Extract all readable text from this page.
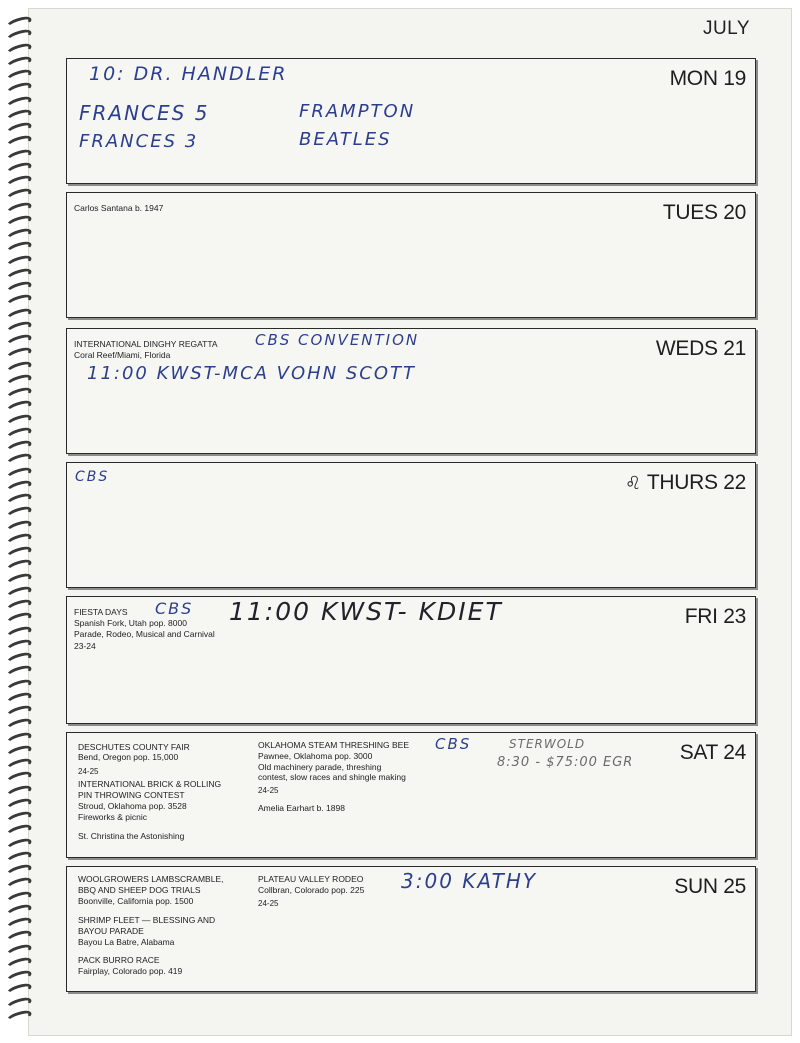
JULY
MON 19
10: DR. HANDLER
FRANCES 5	FRAMPTON
FRANCES 3	BEATLES
TUES 20
Carlos Santana b. 1947
WEDS 21
INTERNATIONAL DINGHY REGATTA
Coral Reef/Miami, Florida
CBS CONVENTION
11:00 KWST-MCA VOHN SCOTT
♌ THURS 22
CBS
FRI 23
FIESTA DAYS
Spanish Fork, Utah pop. 8000
Parade, Rodeo, Musical and Carnival
23-24
CBS 11:00 KWST- KDIET
SAT 24
DESCHUTES COUNTY FAIR
Bend, Oregon pop. 15,000
24-25
INTERNATIONAL BRICK & ROLLING
PIN THROWING CONTEST
Stroud, Oklahoma pop. 3528
Fireworks & picnic
St. Christina the Astonishing
OKLAHOMA STEAM THRESHING BEE
Pawnee, Oklahoma pop. 3000
Old machinery parade, threshing
contest, slow races and shingle making
24-25
Amelia Earhart b. 1898
CBS	STERWOLD
8:30 - $75:00 EGR
SUN 25
WOOLGROWERS LAMBSCRAMBLE,
BBQ AND SHEEP DOG TRIALS
Boonville, California pop. 1500
SHRIMP FLEET — BLESSING AND
BAYOU PARADE
Bayou La Batre, Alabama
PACK BURRO RACE
Fairplay, Colorado pop. 419
PLATEAU VALLEY RODEO
Collbran, Colorado pop. 225
24-25
3:00 KATHY
